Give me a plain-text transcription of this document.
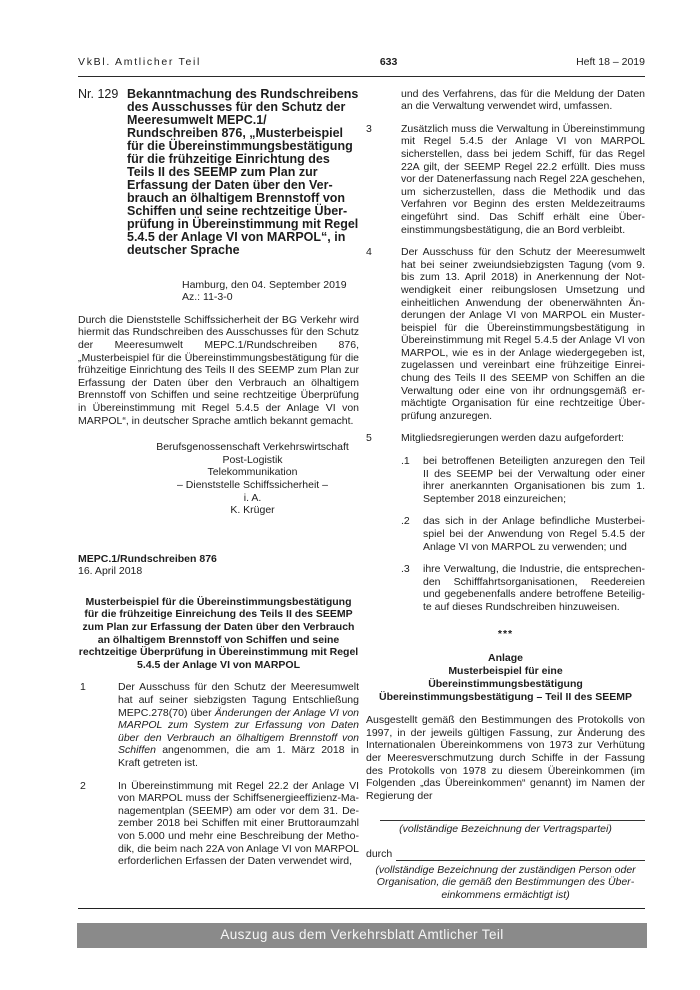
VkBl. Amtlicher Teil	633	Heft 18 – 2019
Nr. 129 Bekanntmachung des Rundschreibens des Ausschusses für den Schutz der Meeresumwelt MEPC.1/ Rundschreiben 876, „Musterbeispiel für die Übereinstimmungsbestätigung für die frühzeitige Einrichtung des Teils II des SEEMP zum Plan zur Erfassung der Daten über den Verbrauch an ölhaltigem Brennstoff von Schiffen und seine rechtzeitige Überprüfung in Übereinstimmung mit Regel 5.4.5 der Anlage VI von MARPOL“, in deutscher Sprache
Hamburg, den 04. September 2019
Az.: 11-3-0
Durch die Dienststelle Schiffssicherheit der BG Verkehr wird hiermit das Rundschreiben des Ausschusses für den Schutz der Meeresumwelt MEPC.1/Rundschreiben 876, „Musterbeispiel für die Übereinstimmungsbestätigung für die frühzeitige Einrichtung des Teils II des SEEMP zum Plan zur Erfassung der Daten über den Verbrauch an ölhaltigem Brennstoff von Schiffen und seine rechtzeitige Überprüfung in Übereinstimmung mit Regel 5.4.5 der Anlage VI von MARPOL“, in deutscher Sprache amtlich bekannt gemacht.
Berufsgenossenschaft Verkehrswirtschaft
Post-Logistik
Telekommunikation
– Dienststelle Schiffssicherheit –
i. A.
K. Krüger
MEPC.1/Rundschreiben 876
16. April 2018
Musterbeispiel für die Übereinstimmungsbestätigung für die frühzeitige Einreichung des Teils II des SEEMP zum Plan zur Erfassung der Daten über den Verbrauch an ölhaltigem Brennstoff von Schiffen und seine rechtzeitige Überprüfung in Übereinstimmung mit Regel 5.4.5 der Anlage VI von MARPOL
1	Der Ausschuss für den Schutz der Meeresumwelt hat auf seiner siebzigsten Tagung Entschließung MEPC.278(70) über Änderungen der Anlage VI von MARPOL zum System zur Erfassung von Daten über den Verbrauch an ölhaltigem Brennstoff von Schiffen angenommen, die am 1. März 2018 in Kraft getreten ist.
2	In Übereinstimmung mit Regel 22.2 der Anlage VI von MARPOL muss der Schiffsenergieeffizienz-Managementplan (SEEMP) am oder vor dem 31. Dezember 2018 bei Schiffen mit einer Bruttoraumzahl von 5.000 und mehr eine Beschreibung der Methodik, die beim nach 22A von Anlage VI von MARPOL erforderlichen Erfassen der Daten verwendet wird,
und des Verfahrens, das für die Meldung der Daten an die Verwaltung verwendet wird, umfassen.
3	Zusätzlich muss die Verwaltung in Übereinstimmung mit Regel 5.4.5 der Anlage VI von MARPOL sicherstellen, dass bei jedem Schiff, für das Regel 22A gilt, der SEEMP Regel 22.2 erfüllt. Dies muss vor der Datenerfassung nach Regel 22A geschehen, um sicherzustellen, dass die Methodik und das Verfahren vor Beginn des ersten Meldezeitraums eingeführt sind. Das Schiff erhält eine Übereinstimmungsbestätigung, die an Bord verbleibt.
4	Der Ausschuss für den Schutz der Meeresumwelt hat bei seiner zweiundsiebzigsten Tagung (vom 9. bis zum 13. April 2018) in Anerkennung der Notwendigkeit einer reibungslosen Umsetzung und einheitlichen Anwendung der obenerwähnten Änderungen der Anlage VI von MARPOL ein Musterbeispiel für die Übereinstimmungsbestätigung in Übereinstimmung mit Regel 5.4.5 der Anlage VI von MARPOL, wie es in der Anlage wiedergegeben ist, zugelassen und vereinbart eine frühzeitige Einreichung des Teils II des SEEMP von Schiffen an die Verwaltung oder eine von ihr ordnungsgemäß ermächtigte Organisation für eine rechtzeitige Überprüfung anzuregen.
5	Mitgliedsregierungen werden dazu aufgefordert:
.1 bei betroffenen Beteiligten anzuregen den Teil II des SEEMP bei der Verwaltung oder einer ihrer anerkannten Organisationen bis zum 1. September 2018 einzureichen;
.2 das sich in der Anlage befindliche Musterbeispiel bei der Anwendung von Regel 5.4.5 der Anlage VI von MARPOL zu verwenden; und
.3 ihre Verwaltung, die Industrie, die entsprechenden Schifffahrtsorganisationen, Reedereien und gegebenenfalls andere betroffene Beteiligte auf dieses Rundschreiben hinzuweisen.
***
Anlage
Musterbeispiel für eine
Übereinstimmungsbestätigung
Übereinstimmungsbestätigung – Teil II des SEEMP
Ausgestellt gemäß den Bestimmungen des Protokolls von 1997, in der jeweils gültigen Fassung, zur Änderung des Internationalen Übereinkommens von 1973 zur Verhütung der Meeresverschmutzung durch Schiffe in der Fassung des Protokolls von 1978 zu diesem Übereinkommen (im Folgenden „das Übereinkommen“ genannt) im Namen der Regierung der
(vollständige Bezeichnung der Vertragspartei)
durch
(vollständige Bezeichnung der zuständigen Person oder Organisation, die gemäß den Bestimmungen des Übereinkommens ermächtigt ist)
Auszug aus dem Verkehrsblatt Amtlicher Teil
